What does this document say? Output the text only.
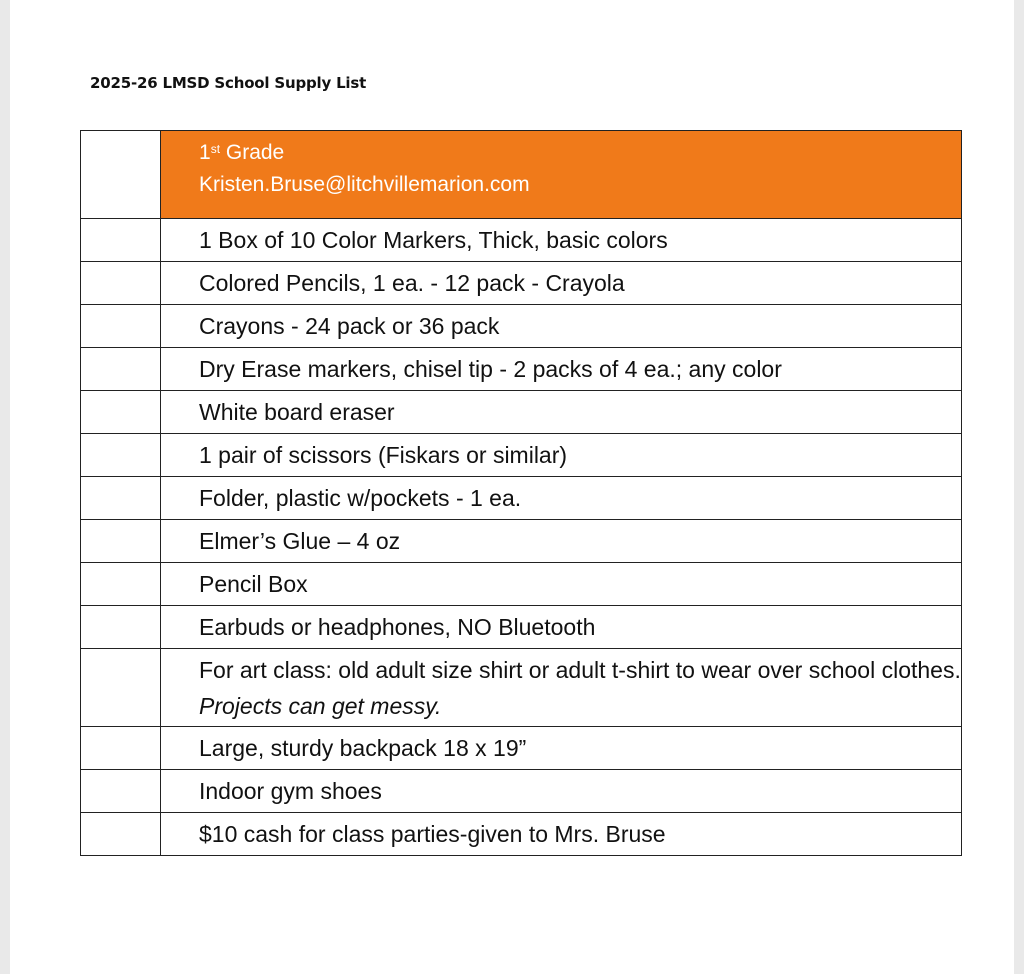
2025-26 LMSD School Supply List

	1st Grade
Kristen.Bruse@litchvillemarion.com

	1 Box of 10 Color Markers, Thick, basic colors
	Colored Pencils, 1 ea. - 12 pack - Crayola
	Crayons - 24 pack or 36 pack
	Dry Erase markers, chisel tip - 2 packs of 4 ea.; any color
	White board eraser
	1 pair of scissors (Fiskars or similar)
	Folder, plastic w/pockets - 1 ea.
	Elmer’s Glue – 4 oz
	Pencil Box
	Earbuds or headphones, NO Bluetooth
	For art class: old adult size shirt or adult t-shirt to wear over school clothes. Projects can get messy.
	Large, sturdy backpack 18 x 19”
	Indoor gym shoes
	$10 cash for class parties-given to Mrs. Bruse
